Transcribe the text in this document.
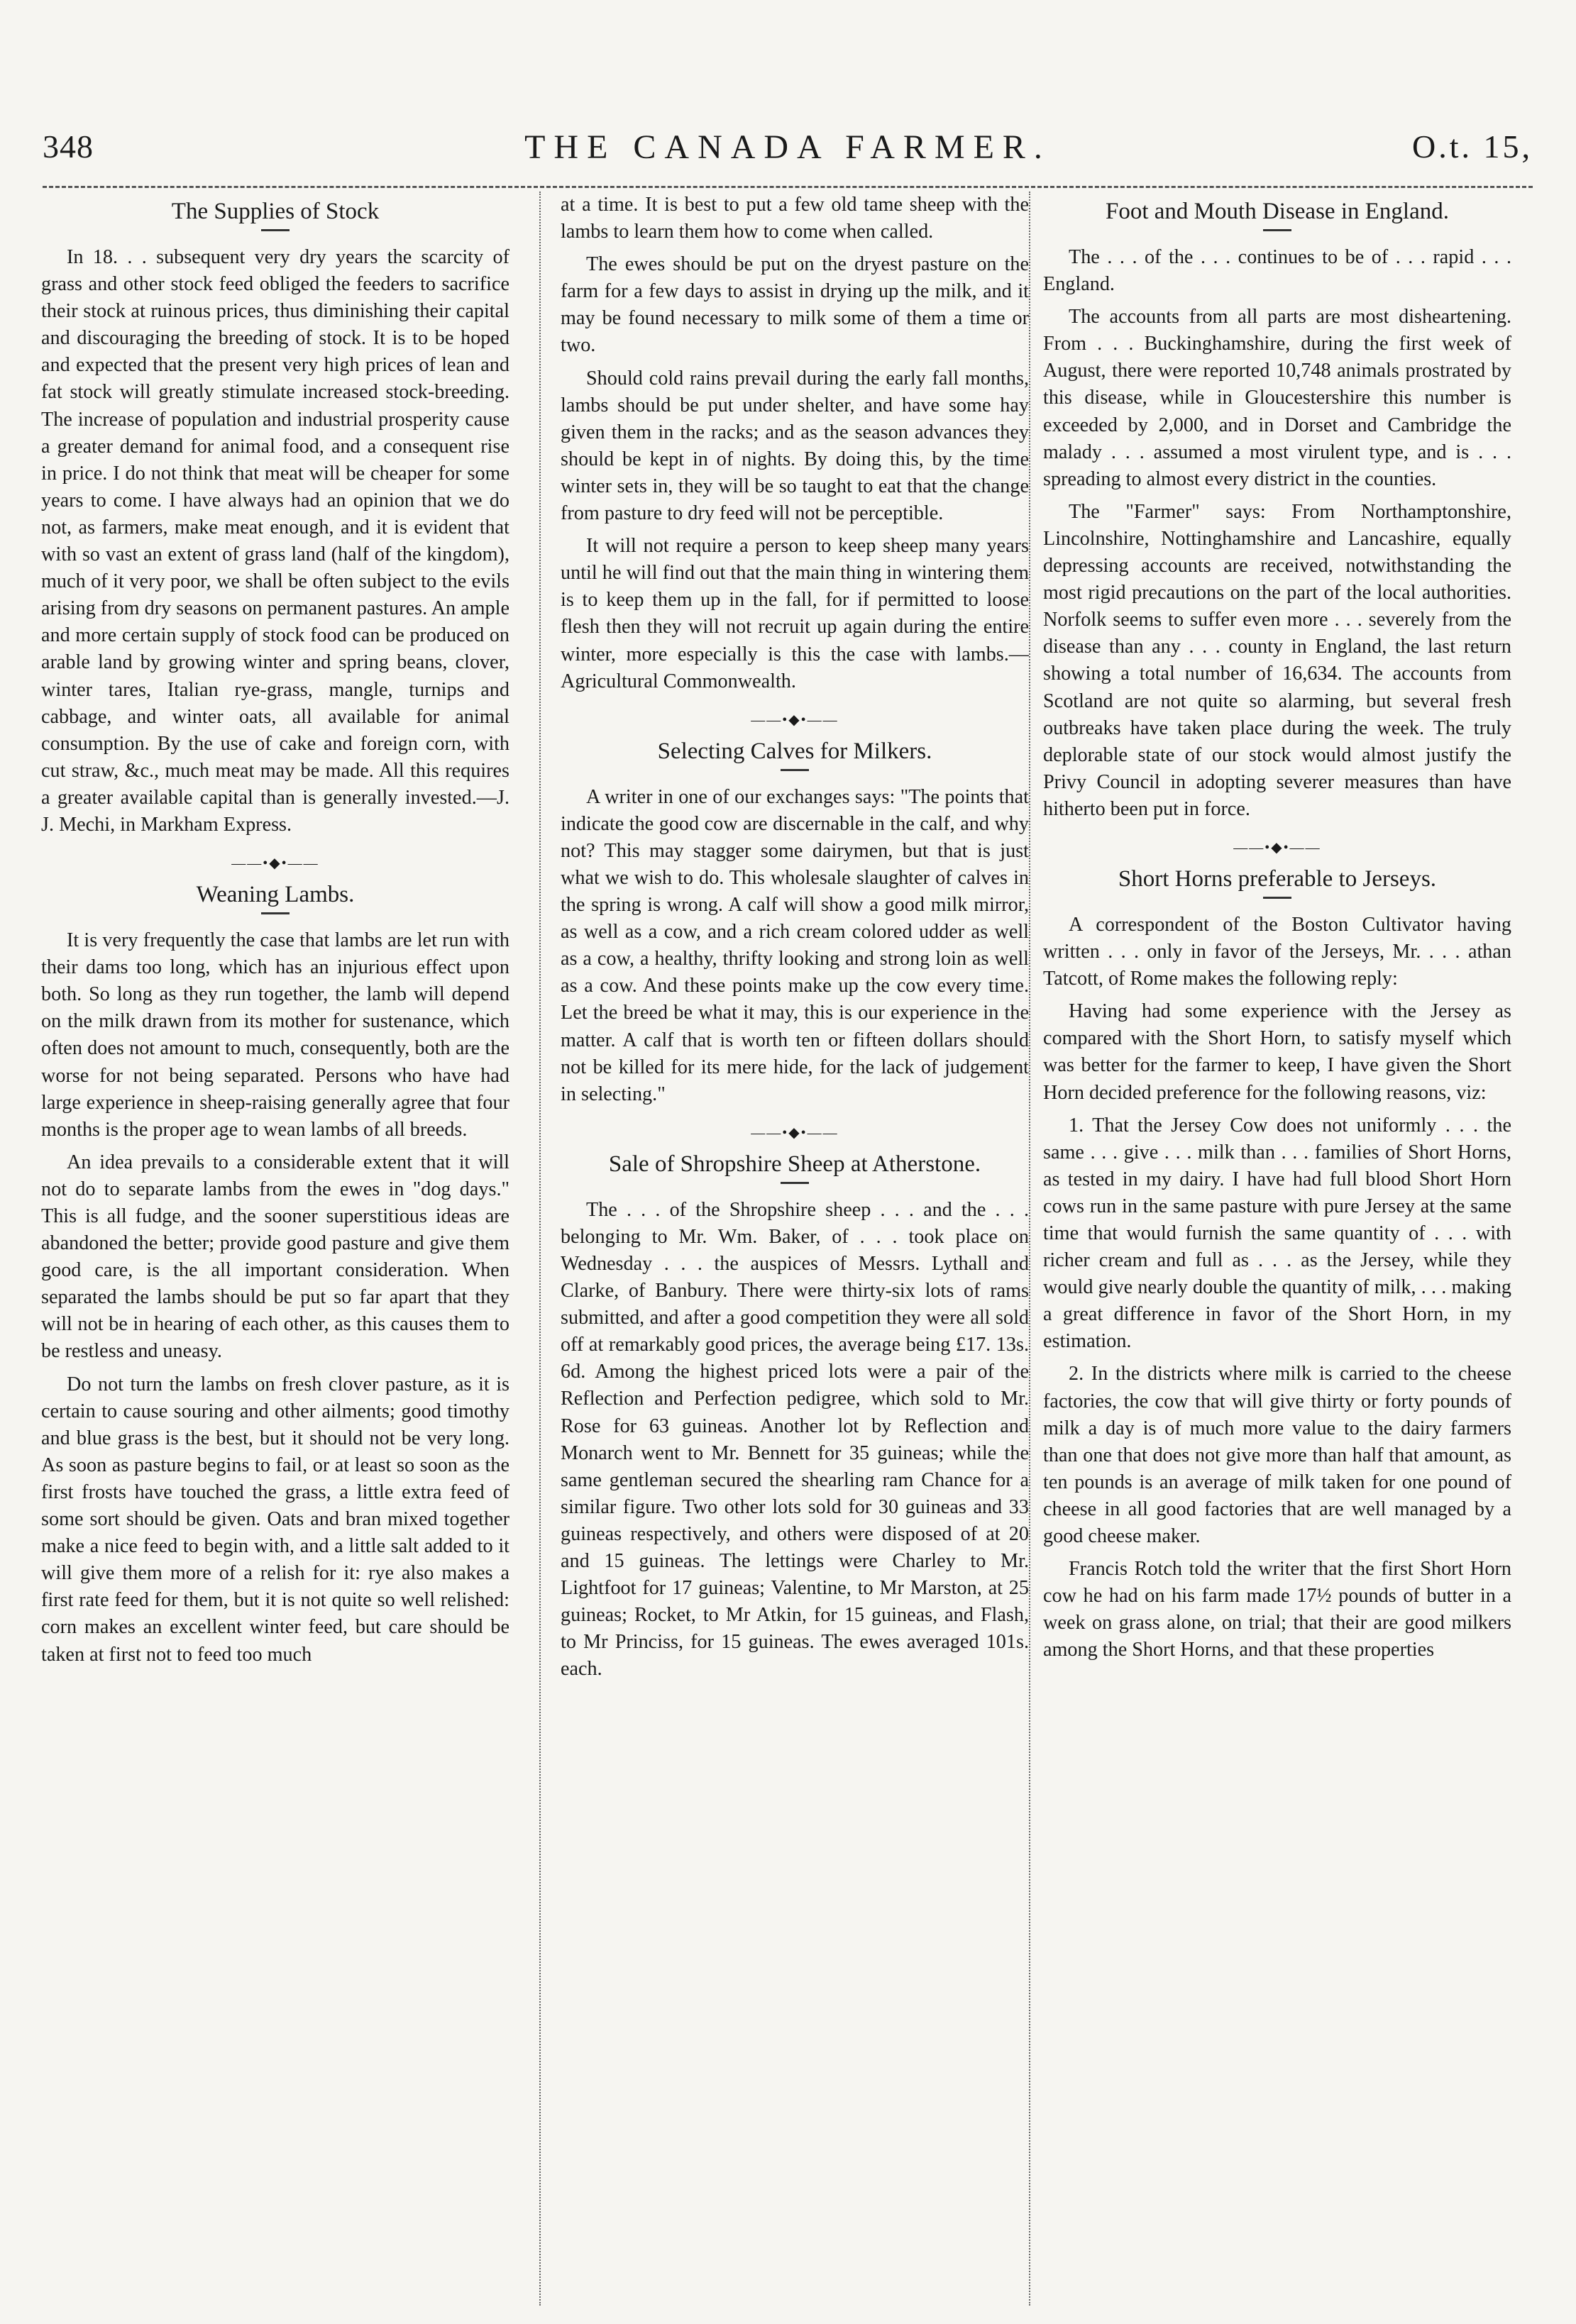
THE CANADA FARMER.
348	O.t. 15,
The Supplies of Stock

In 18. . . subsequent very dry years the scarcity of grass and other stock feed obliged the feeders to sacrifice their stock at ruinous prices, thus diminishing their capital and discouraging the breeding of stock. It is to be hoped and expected that the present very high prices of lean and fat stock will greatly stimulate increased stock-breeding. The increase of population and industrial prosperity cause a greater demand for animal food, and a consequent rise in price. I do not think that meat will be cheaper for some years to come. I have always had an opinion that we do not, as farmers, make meat enough, and it is evident that with so vast an extent of grass land (half of the kingdom), much of it very poor, we shall be often subject to the evils arising from dry seasons on permanent pastures. An ample and more certain supply of stock food can be produced on arable land by growing winter and spring beans, clover, winter tares, Italian rye-grass, mangle, turnips and cabbage, and winter oats, all available for animal consumption. By the use of cake and foreign corn, with cut straw, &c., much meat may be made. All this requires a greater available capital than is generally invested.—J. J. Mechi, in Markham Express.

——•◆•——
Weaning Lambs.

It is very frequently the case that lambs are let run with their dams too long, which has an injurious effect upon both. So long as they run together, the lamb will depend on the milk drawn from its mother for sustenance, which often does not amount to much, consequently, both are the worse for not being separated. Persons who have had large experience in sheep-raising generally agree that four months is the proper age to wean lambs of all breeds.

An idea prevails to a considerable extent that it will not do to separate lambs from the ewes in "dog days." This is all fudge, and the sooner superstitious ideas are abandoned the better; provide good pasture and give them good care, is the all important consideration. When separated the lambs should be put so far apart that they will not be in hearing of each other, as this causes them to be restless and uneasy.

Do not turn the lambs on fresh clover pasture, as it is certain to cause souring and other ailments; good timothy and blue grass is the best, but it should not be very long. As soon as pasture begins to fail, or at least so soon as the first frosts have touched the grass, a little extra feed of some sort should be given. Oats and bran mixed together make a nice feed to begin with, and a little salt added to it will give them more of a relish for it: rye also makes a first rate feed for them, but it is not quite so well relished: corn makes an excellent winter feed, but care should be taken at first not to feed too much

at a time. It is best to put a few old tame sheep with the lambs to learn them how to come when called.

The ewes should be put on the dryest pasture on the farm for a few days to assist in drying up the milk, and it may be found necessary to milk some of them a time or two.

Should cold rains prevail during the early fall months, lambs should be put under shelter, and have some hay given them in the racks; and as the season advances they should be kept in of nights. By doing this, by the time winter sets in, they will be so taught to eat that the change from pasture to dry feed will not be perceptible.

It will not require a person to keep sheep many years until he will find out that the main thing in wintering them is to keep them up in the fall, for if permitted to loose flesh then they will not recruit up again during the entire winter, more especially is this the case with lambs.—Agricultural Commonwealth.

——•◆•——
Selecting Calves for Milkers.

A writer in one of our exchanges says: "The points that indicate the good cow are discernable in the calf, and why not? This may stagger some dairymen, but that is just what we wish to do. This wholesale slaughter of calves in the spring is wrong. A calf will show a good milk mirror, as well as a cow, and a rich cream colored udder as well as a cow, a healthy, thrifty looking and strong loin as well as a cow. And these points make up the cow every time. Let the breed be what it may, this is our experience in the matter. A calf that is worth ten or fifteen dollars should not be killed for its mere hide, for the lack of judgement in selecting."

——•◆•——
Sale of Shropshire Sheep at Atherstone.

The . . . of the Shropshire sheep . . . and the . . . belonging to Mr. Wm. Baker, of . . . took place on Wednesday . . . the auspices of Messrs. Lythall and Clarke, of Banbury. There were thirty-six lots of rams submitted, and after a good competition they were all sold off at remarkably good prices, the average being £17. 13s. 6d. Among the highest priced lots were a pair of the Reflection and Perfection pedigree, which sold to Mr. Rose for 63 guineas. Another lot by Reflection and Monarch went to Mr. Bennett for 35 guineas; while the same gentleman secured the shearling ram Chance for a similar figure. Two other lots sold for 30 guineas and 33 guineas respectively, and others were disposed of at 20 and 15 guineas. The lettings were Charley to Mr. Lightfoot for 17 guineas; Valentine, to Mr Marston, at 25 guineas; Rocket, to Mr Atkin, for 15 guineas, and Flash, to Mr Princiss, for 15 guineas. The ewes averaged 101s. each.

Foot and Mouth Disease in England.

The . . . of the . . . continues to be of . . . rapid . . . England.

The accounts from all parts are most disheartening. From . . . Buckinghamshire, during the first week of August, there were reported 10,748 animals prostrated by this disease, while in Gloucestershire this number is exceeded by 2,000, and in Dorset and Cambridge the malady . . . assumed a most virulent type, and is . . . spreading to almost every district in the counties.

The "Farmer" says: From Northamptonshire, Lincolnshire, Nottinghamshire and Lancashire, equally depressing accounts are received, notwithstanding the most rigid precautions on the part of the local authorities. Norfolk seems to suffer even more . . . severely from the disease than any . . . county in England, the last return showing a total number of 16,634. The accounts from Scotland are not quite so alarming, but several fresh outbreaks have taken place during the week. The truly deplorable state of our stock would almost justify the Privy Council in adopting severer measures than have hitherto been put in force.

——•◆•——
Short Horns preferable to Jerseys.

A correspondent of the Boston Cultivator having written . . . only in favor of the Jerseys, Mr. . . . athan Tatcott, of Rome makes the following reply:

Having had some experience with the Jersey as compared with the Short Horn, to satisfy myself which was better for the farmer to keep, I have given the Short Horn decided preference for the following reasons, viz:

1. That the Jersey Cow does not uniformly . . . the same . . . give . . . milk than . . . families of Short Horns, as tested in my dairy. I have had full blood Short Horn cows run in the same pasture with pure Jersey at the same time that would furnish the same quantity of . . . with richer cream and full as . . . as the Jersey, while they would give nearly double the quantity of milk, . . . making a great difference in favor of the Short Horn, in my estimation.

2. In the districts where milk is carried to the cheese factories, the cow that will give thirty or forty pounds of milk a day is of much more value to the dairy farmers than one that does not give more than half that amount, as ten pounds is an average of milk taken for one pound of cheese in all good factories that are well managed by a good cheese maker.

Francis Rotch told the writer that the first Short Horn cow he had on his farm made 17½ pounds of butter in a week on grass alone, on trial; that their are good milkers among the Short Horns, and that these properties
